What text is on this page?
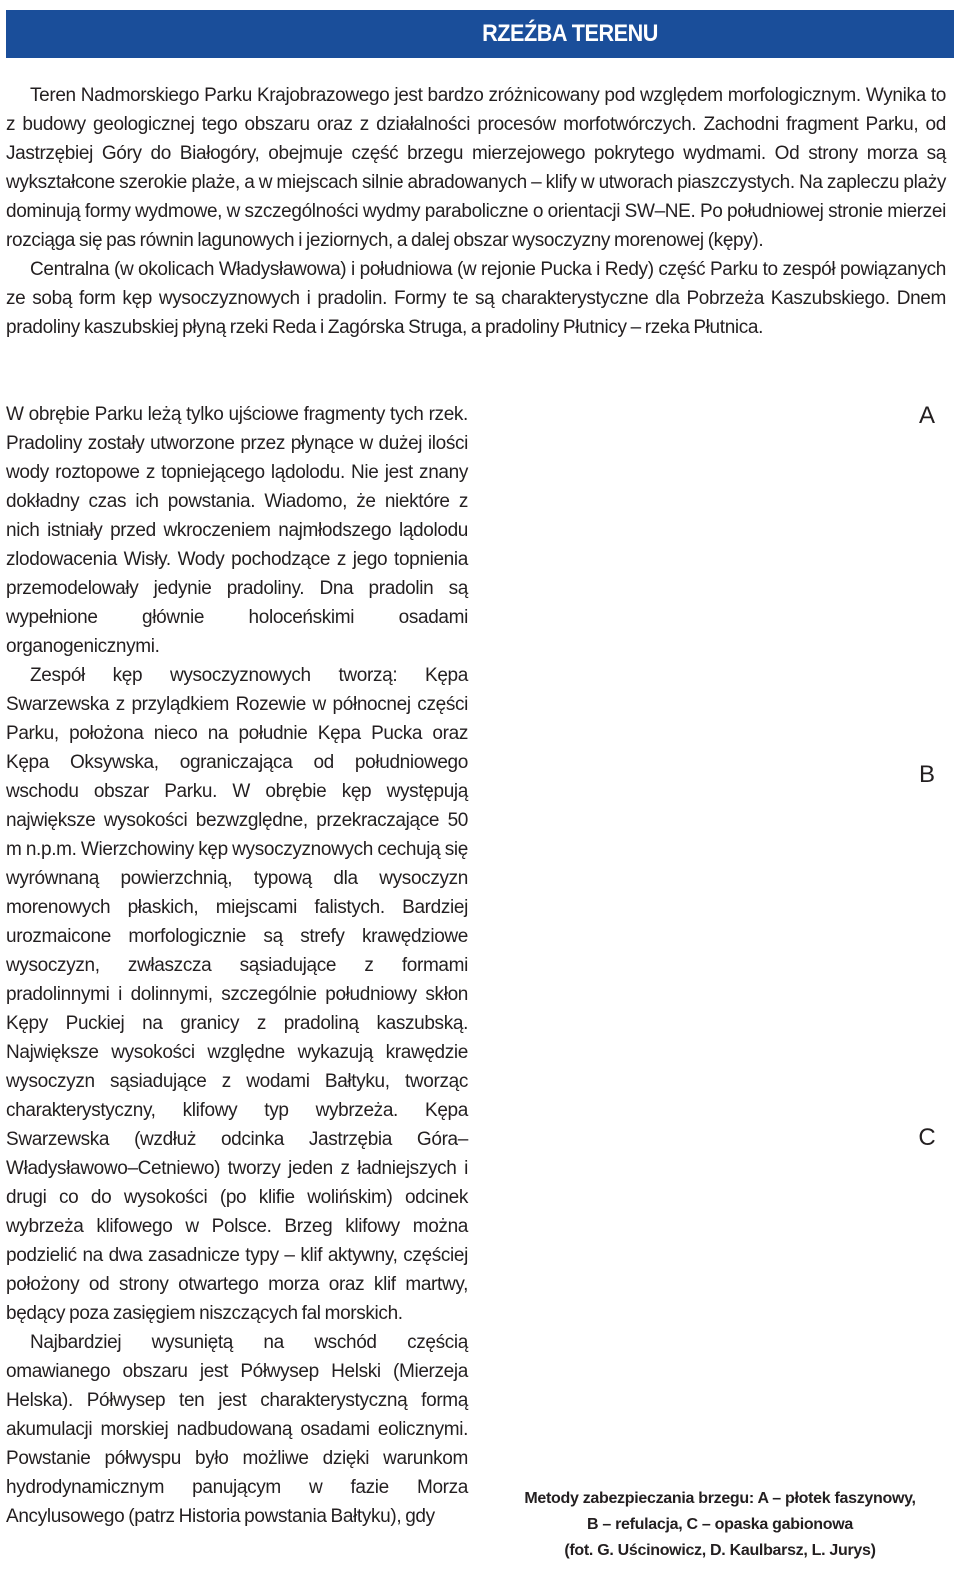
RZEŹBA TERENU

Teren Nadmorskiego Parku Krajobrazowego jest bardzo zróżnicowany pod względem morfologicznym. Wynika to z budowy geologicznej tego obszaru oraz z działalności procesów morfotwórczych. Zachodni fragment Parku, od Jastrzębiej Góry do Białogóry, obejmuje część brzegu mierzejowego pokrytego wydmami. Od strony morza są wykształcone szerokie plaże, a w miejscach silnie abradowanych – klify w utworach piaszczystych. Na zapleczu plaży dominują formy wydmowe, w szczególności wydmy paraboliczne o orientacji SW–NE. Po południowej stronie mierzei rozciąga się pas równin lagunowych i jeziornych, a dalej obszar wysoczyzny morenowej (kępy).

Centralna (w okolicach Władysławowa) i południowa (w rejonie Pucka i Redy) część Parku to zespół powiązanych ze sobą form kęp wysoczyznowych i pradolin. Formy te są charakterystyczne dla Pobrzeża Kaszubskiego. Dnem pradoliny kaszubskiej płyną rzeki Reda i Zagórska Struga, a pradoliny Płutnicy – rzeka Płutnica.

W obrębie Parku leżą tylko ujściowe fragmenty tych rzek. Pradoliny zostały utworzone przez płynące w dużej ilości wody roztopowe z topniejącego lądolodu. Nie jest znany dokładny czas ich powstania. Wiadomo, że niektóre z nich istniały przed wkroczeniem najmłodszego lądolodu zlodowacenia Wisły. Wody pochodzące z jego topnienia przemodelowały jedynie pradoliny. Dna pradolin są wypełnione głównie holoceńskimi osadami organogenicznymi.

Zespół kęp wysoczyznowych tworzą: Kępa Swarzewska z przylądkiem Rozewie w północnej części Parku, położona nieco na południe Kępa Pucka oraz Kępa Oksywska, ograniczająca od południowego wschodu obszar Parku. W obrębie kęp występują największe wysokości bezwzględne, przekraczające 50 m n.p.m. Wierzchowiny kęp wysoczyznowych cechują się wyrównaną powierzchnią, typową dla wysoczyzn morenowych płaskich, miejscami falistych. Bardziej urozmaicone morfologicznie są strefy krawędziowe wysoczyzn, zwłaszcza sąsiadujące z formami pradolinnymi i dolinnymi, szczególnie południowy skłon Kępy Puckiej na granicy z pradoliną kaszubską. Największe wysokości względne wykazują krawędzie wysoczyzn sąsiadujące z wodami Bałtyku, tworząc charakterystyczny, klifowy typ wybrzeża. Kępa Swarzewska (wzdłuż odcinka Jastrzębia Góra–Władysławowo–Cetniewo) tworzy jeden z ładniejszych i drugi co do wysokości (po klifie wolińskim) odcinek wybrzeża klifowego w Polsce. Brzeg klifowy można podzielić na dwa zasadnicze typy – klif aktywny, częściej położony od strony otwartego morza oraz klif martwy, będący poza zasięgiem niszczących fal morskich.

Najbardziej wysuniętą na wschód częścią omawianego obszaru jest Półwysep Helski (Mierzeja Helska). Półwysep ten jest charakterystyczną formą akumulacji morskiej nadbudowaną osadami eolicznymi. Powstanie półwyspu było możliwe dzięki warunkom hydrodynamicznym panującym w fazie Morza Ancylusowego (patrz Historia powstania Bałtyku), gdy

A
B
C
Metody zabezpieczania brzegu: A – płotek faszynowy,
B – refulacja, C – opaska gabionowa
(fot. G. Uścinowicz, D. Kaulbarsz, L. Jurys)
